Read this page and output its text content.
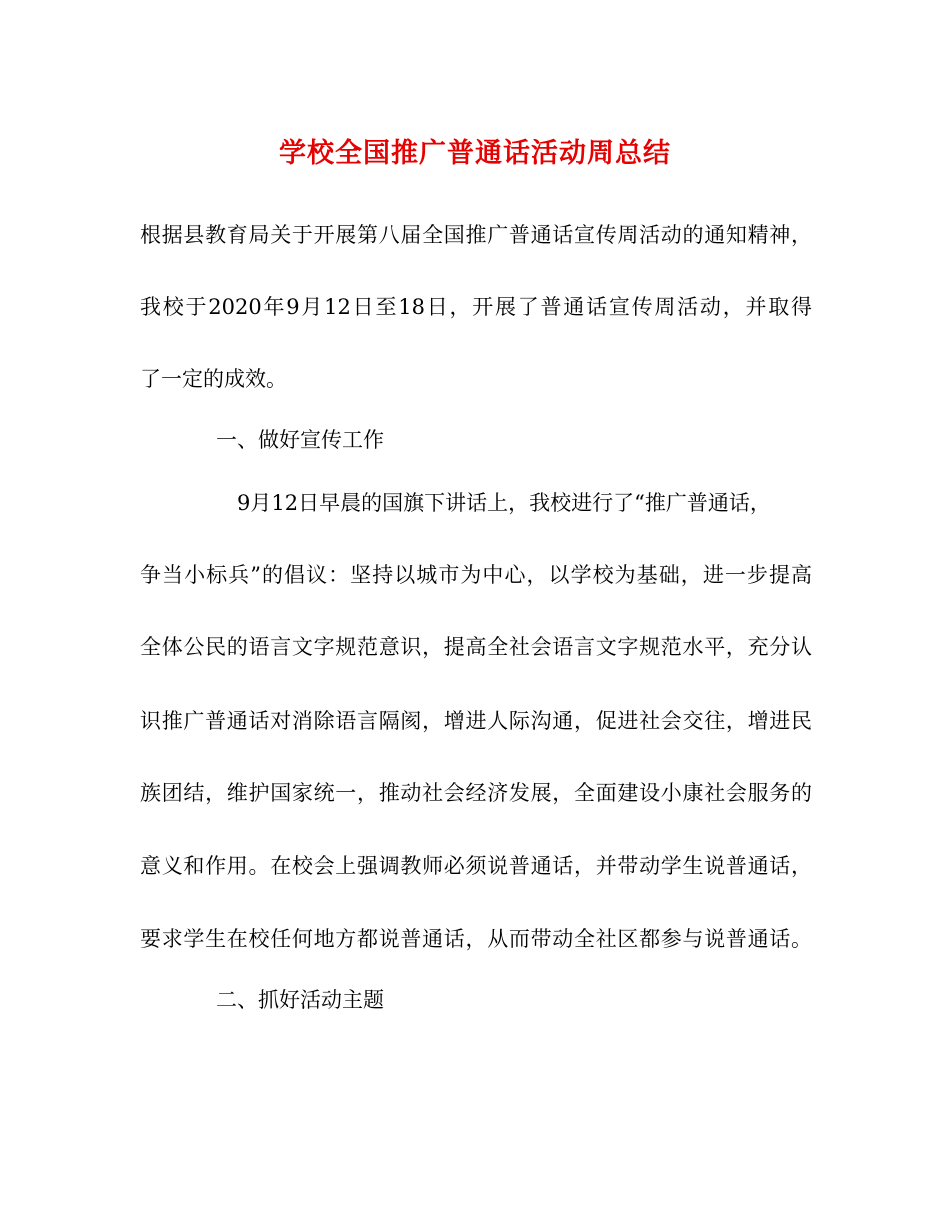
学校全国推广普通话活动周总结
根据县教育局关于开展第八届全国推广普通话宣传周活动的通知精神，
我校于2020年9月12日至18日，开展了普通话宣传周活动，并取得
了一定的成效。
一、做好宣传工作
9月12日早晨的国旗下讲话上，我校进行了“推广普通话，
争当小标兵”的倡议：坚持以城市为中心，以学校为基础，进一步提高
全体公民的语言文字规范意识，提高全社会语言文字规范水平，充分认
识推广普通话对消除语言隔阂，增进人际沟通，促进社会交往，增进民
族团结，维护国家统一，推动社会经济发展，全面建设小康社会服务的
意义和作用。在校会上强调教师必须说普通话，并带动学生说普通话，
要求学生在校任何地方都说普通话，从而带动全社区都参与说普通话。
二、抓好活动主题
